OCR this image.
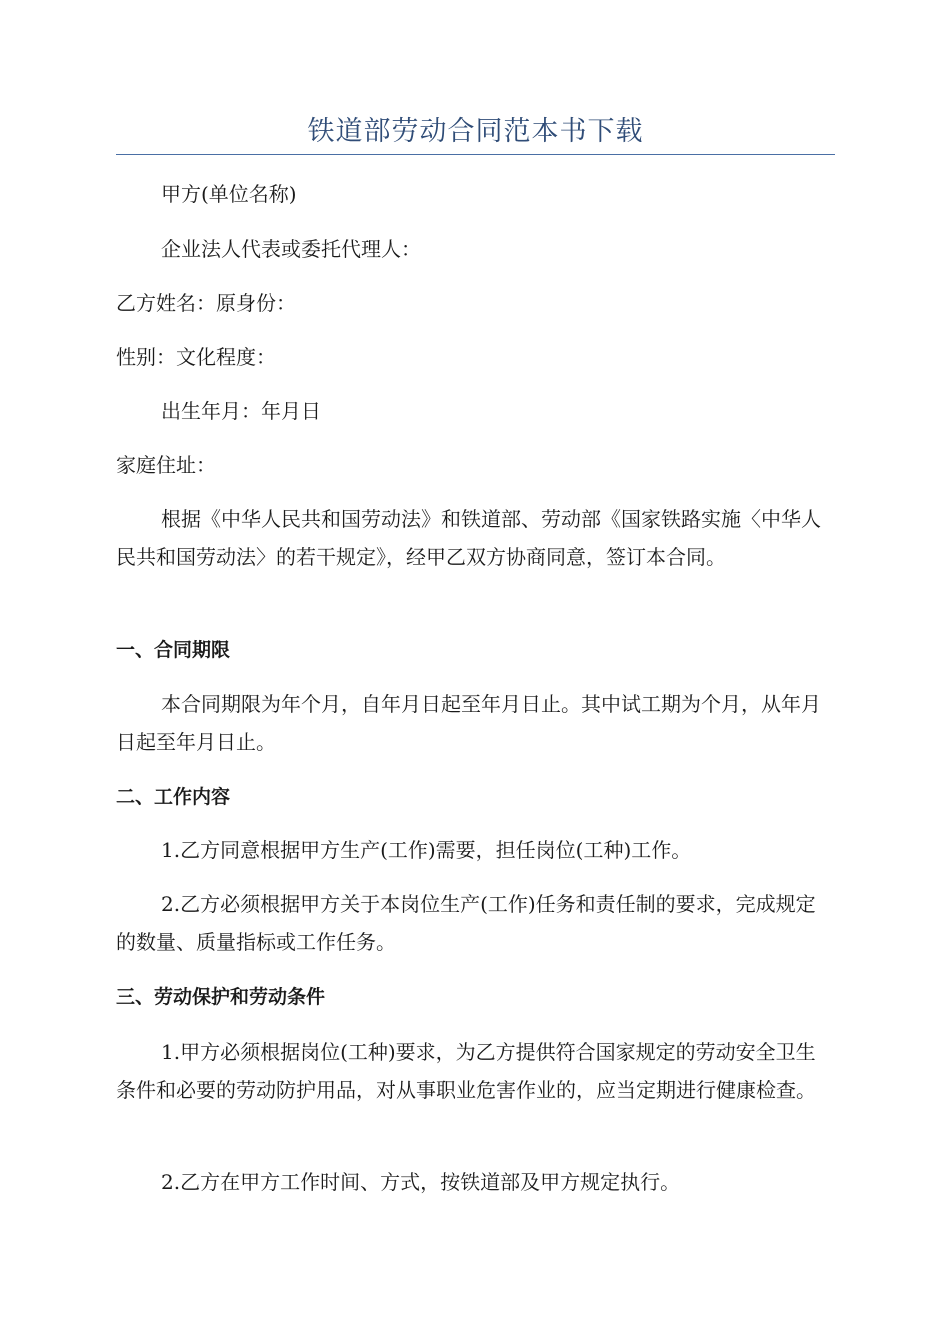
铁道部劳动合同范本书下载

甲方(单位名称)

企业法人代表或委托代理人：

乙方姓名：原身份：

性别：文化程度：

出生年月：年月日

家庭住址：

根据《中华人民共和国劳动法》和铁道部、劳动部《国家铁路实施〈中华人民共和国劳动法〉的若干规定》，经甲乙双方协商同意，签订本合同。

一、合同期限

本合同期限为年个月，自年月日起至年月日止。其中试工期为个月，从年月日起至年月日止。

二、工作内容

1.乙方同意根据甲方生产(工作)需要，担任岗位(工种)工作。

2.乙方必须根据甲方关于本岗位生产(工作)任务和责任制的要求，完成规定的数量、质量指标或工作任务。

三、劳动保护和劳动条件

1.甲方必须根据岗位(工种)要求，为乙方提供符合国家规定的劳动安全卫生条件和必要的劳动防护用品，对从事职业危害作业的，应当定期进行健康检查。

2.乙方在甲方工作时间、方式，按铁道部及甲方规定执行。
